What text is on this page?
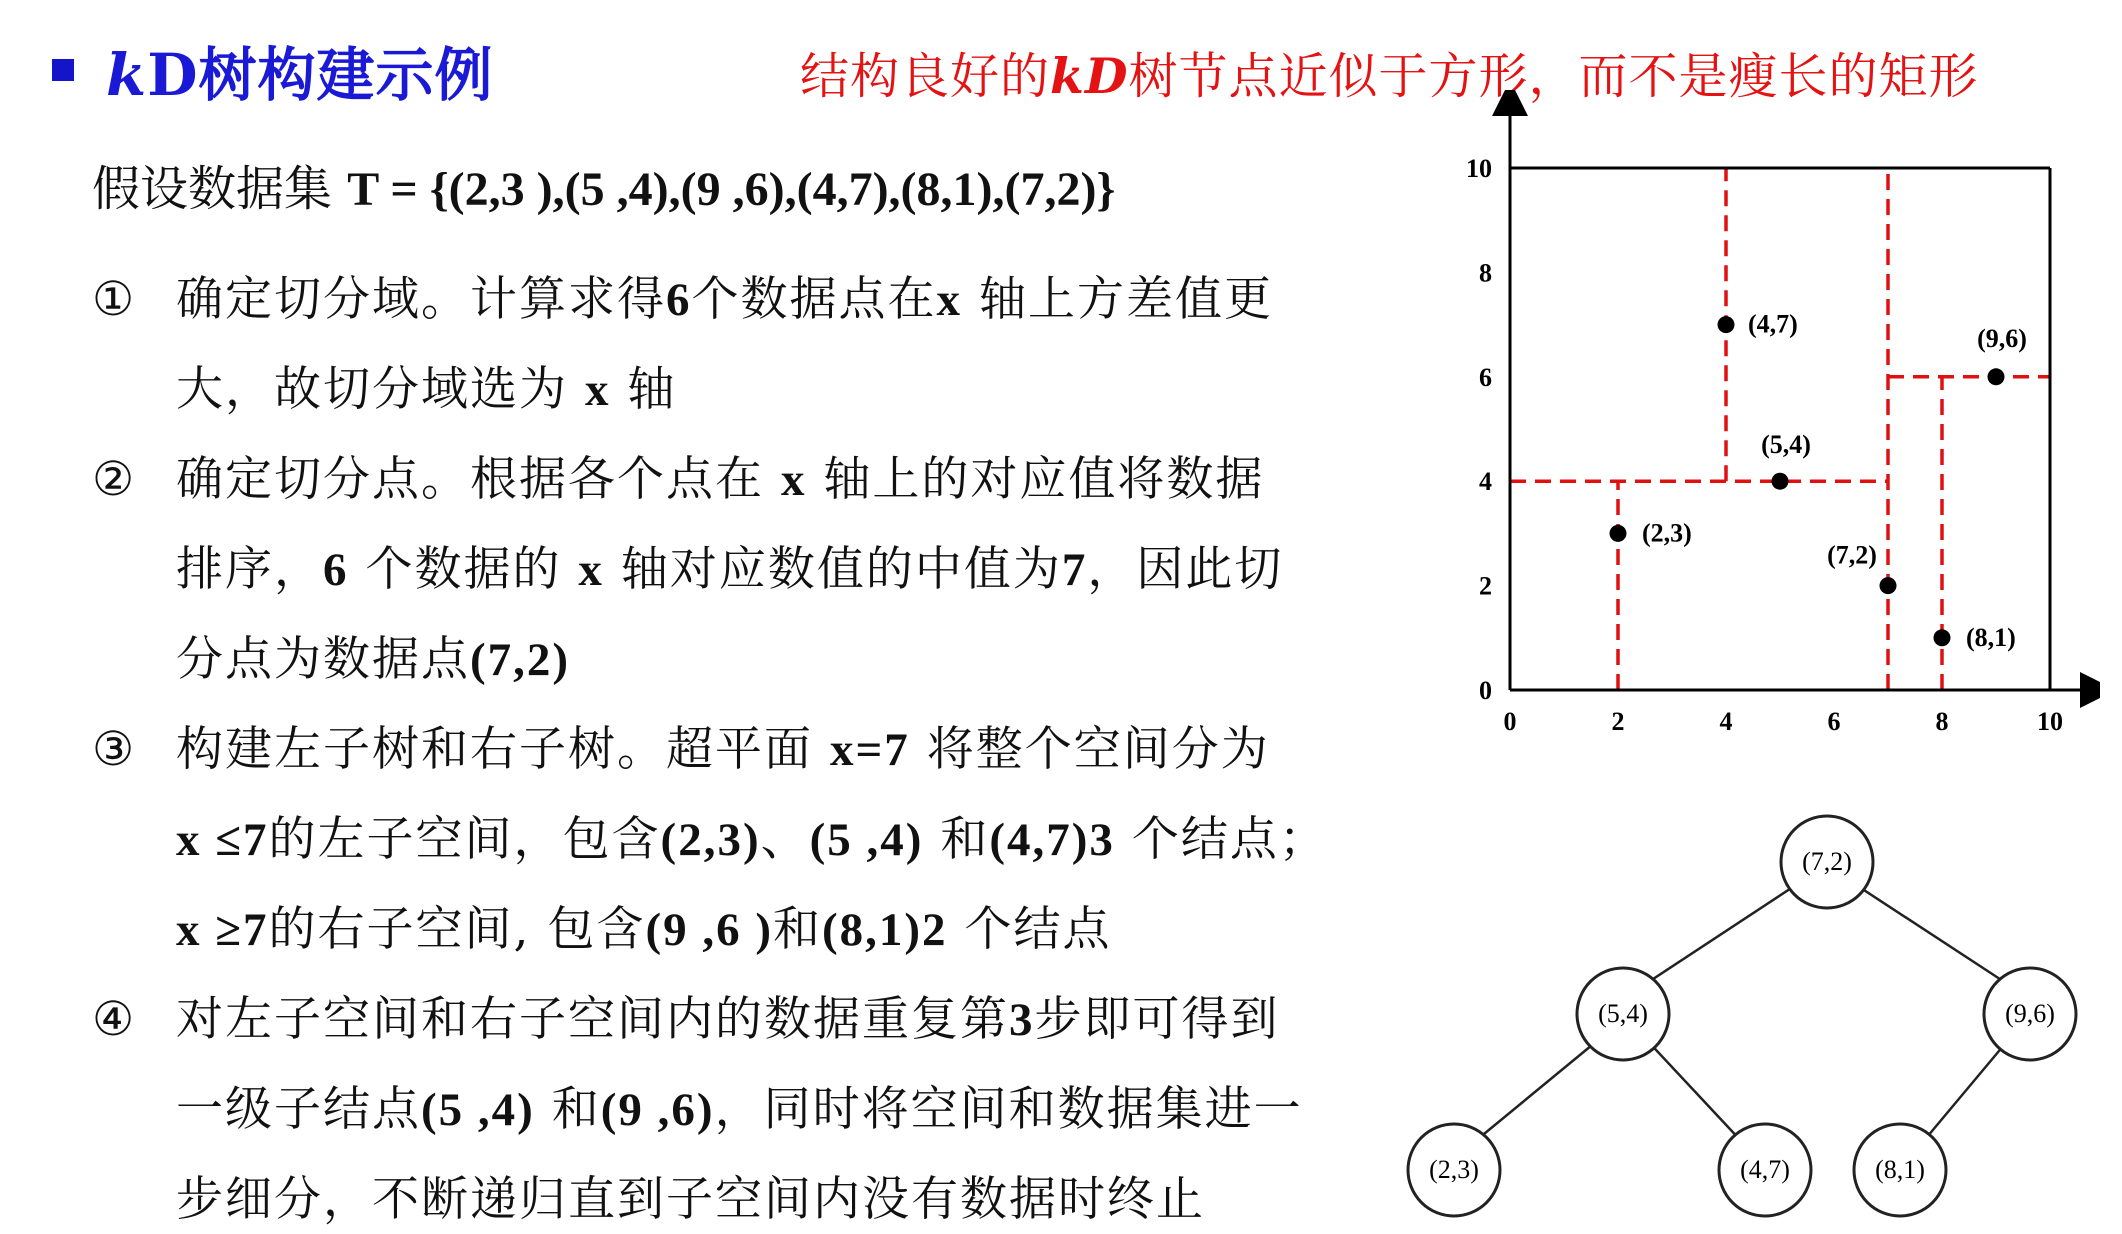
kD树构建示例	结构良好的kD树节点近似于方形，而不是瘦长的矩形
假设数据集 T = {(2,3 ),(5 ,4),(9 ,6),(4,7),(8,1),(7,2)}
① 确定切分域。计算求得6个数据点在x 轴上方差值更
大，故切分域选为 x 轴
② 确定切分点。根据各个点在 x 轴上的对应值将数据
排序，6 个数据的 x 轴对应数值的中值为7，因此切
分点为数据点(7,2)
③ 构建左子树和右子树。超平面 x=7 将整个空间分为
x ≤7的左子空间，包含(2,3)、(5 ,4) 和(4,7)3 个结点；
x ≥7的右子空间, 包含(9 ,6 )和(8,1)2 个结点
④ 对左子空间和右子空间内的数据重复第3步即可得到
一级子结点(5 ,4) 和(9 ,6)，同时将空间和数据集进一
步细分，不断递归直到子空间内没有数据时终止
0	2	4	6	8	10
0
2
4
6
8
10
(2,3)
(5,4)
(9,6)
(4,7)
(8,1)
(7,2)
(7,2)
(5,4)	(9,6)
(2,3)	(4,7)	(8,1)
